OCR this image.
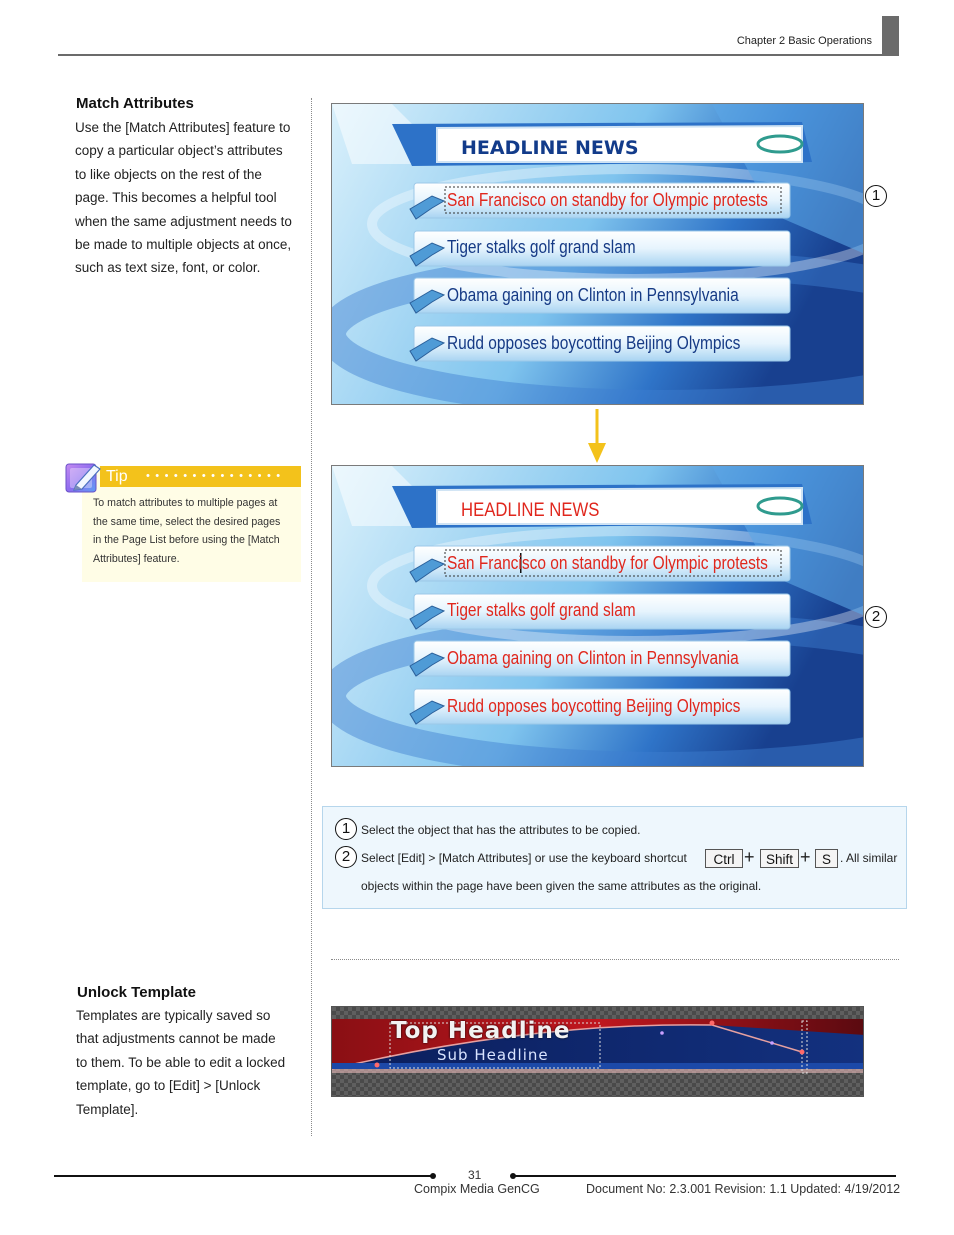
Chapter 2 Basic Operations
Match Attributes
Use the [Match Attributes] feature to
copy a particular object’s attributes
to like objects on the rest of the
page. This becomes a helpful tool
when the same adjustment needs to
be made to multiple objects at once,
such as text size, font, or color.
Tip • • • • • • • • • • • • • • •
To match attributes to multiple pages at
the same time, select the desired pages
in the Page List before using the [Match
Attributes] feature.
HEADLINE NEWS
San Francisco on standby for Olympic protests
Tiger stalks golf grand slam
Obama gaining on Clinton in Pennsylvania
Rudd opposes boycotting Beijing Olympics
1
HEADLINE NEWS
San Francisco on standby for Olympic protests
Tiger stalks golf grand slam
Obama gaining on Clinton in Pennsylvania
Rudd opposes boycotting Beijing Olympics
2
1 Select the object that has the attributes to be copied.
2 Select [Edit] > [Match Attributes] or use the keyboard shortcut	Ctrl + Shift + S . All similar
objects within the page have been given the same attributes as the original.
Unlock Template
Templates are typically saved so
that adjustments cannot be made
to them. To be able to edit a locked
template, go to [Edit] > [Unlock
Template].
Top Headline
Sub Headline
31
Compix Media GenCG	Document No: 2.3.001 Revision: 1.1 Updated: 4/19/2012
